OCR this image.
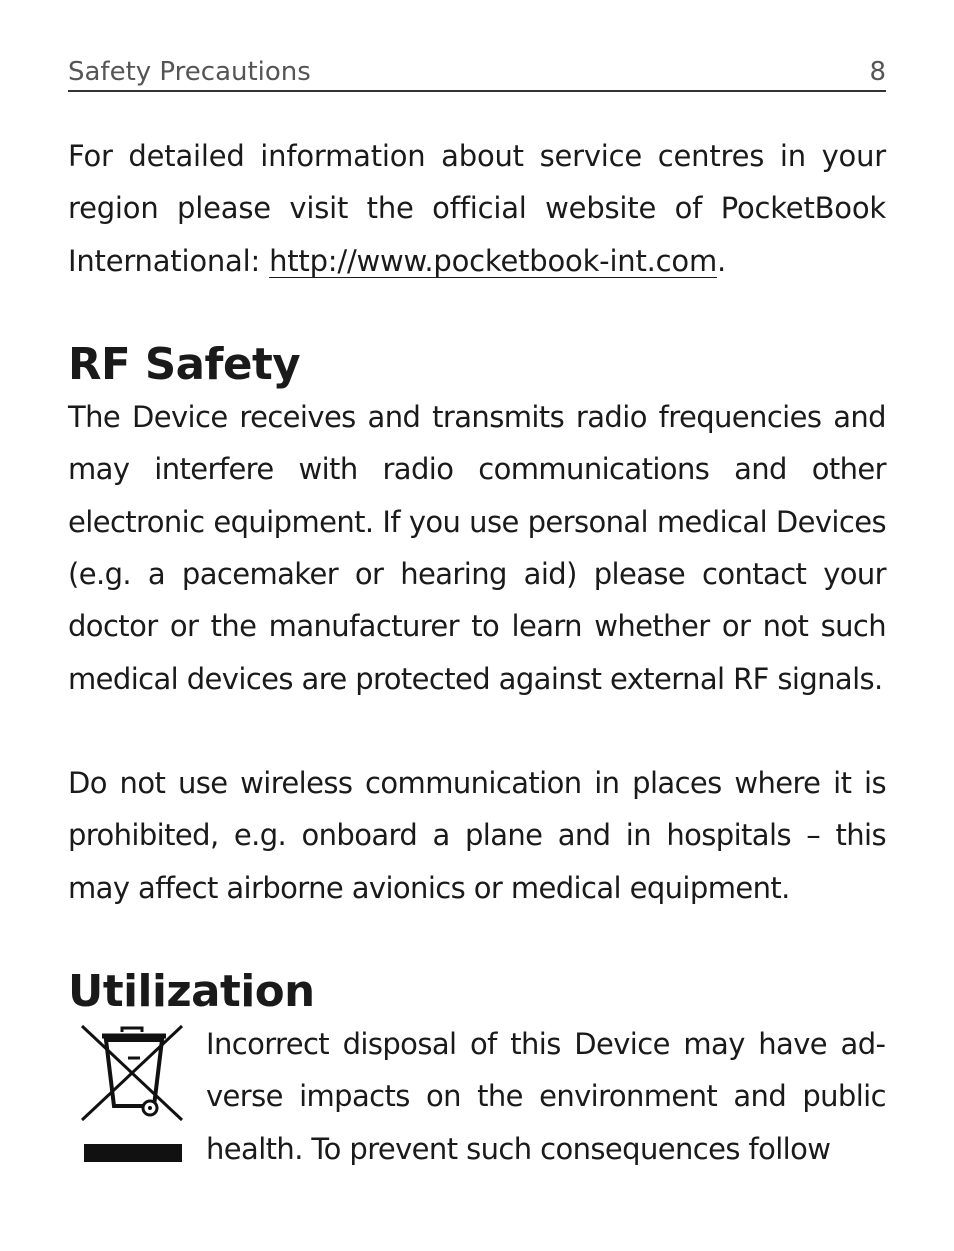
Safety Precautions	8

For detailed information about service centres in your region please visit the official website of PocketBook International: http://www.pocketbook-int.com.

RF Safety

The Device receives and transmits radio frequencies and may interfere with radio communications and other electronic equipment. If you use personal medical Devices (e.g. a pacemaker or hearing aid) please contact your doctor or the manufacturer to learn whether or not such medical devices are protected against external RF signals.

Do not use wireless communication in places where it is prohibited, e.g. onboard a plane and in hospitals – this may affect airborne avionics or medical equipment.

Utilization

Incorrect disposal of this Device may have adverse impacts on the environment and public health. To prevent such consequences follow
